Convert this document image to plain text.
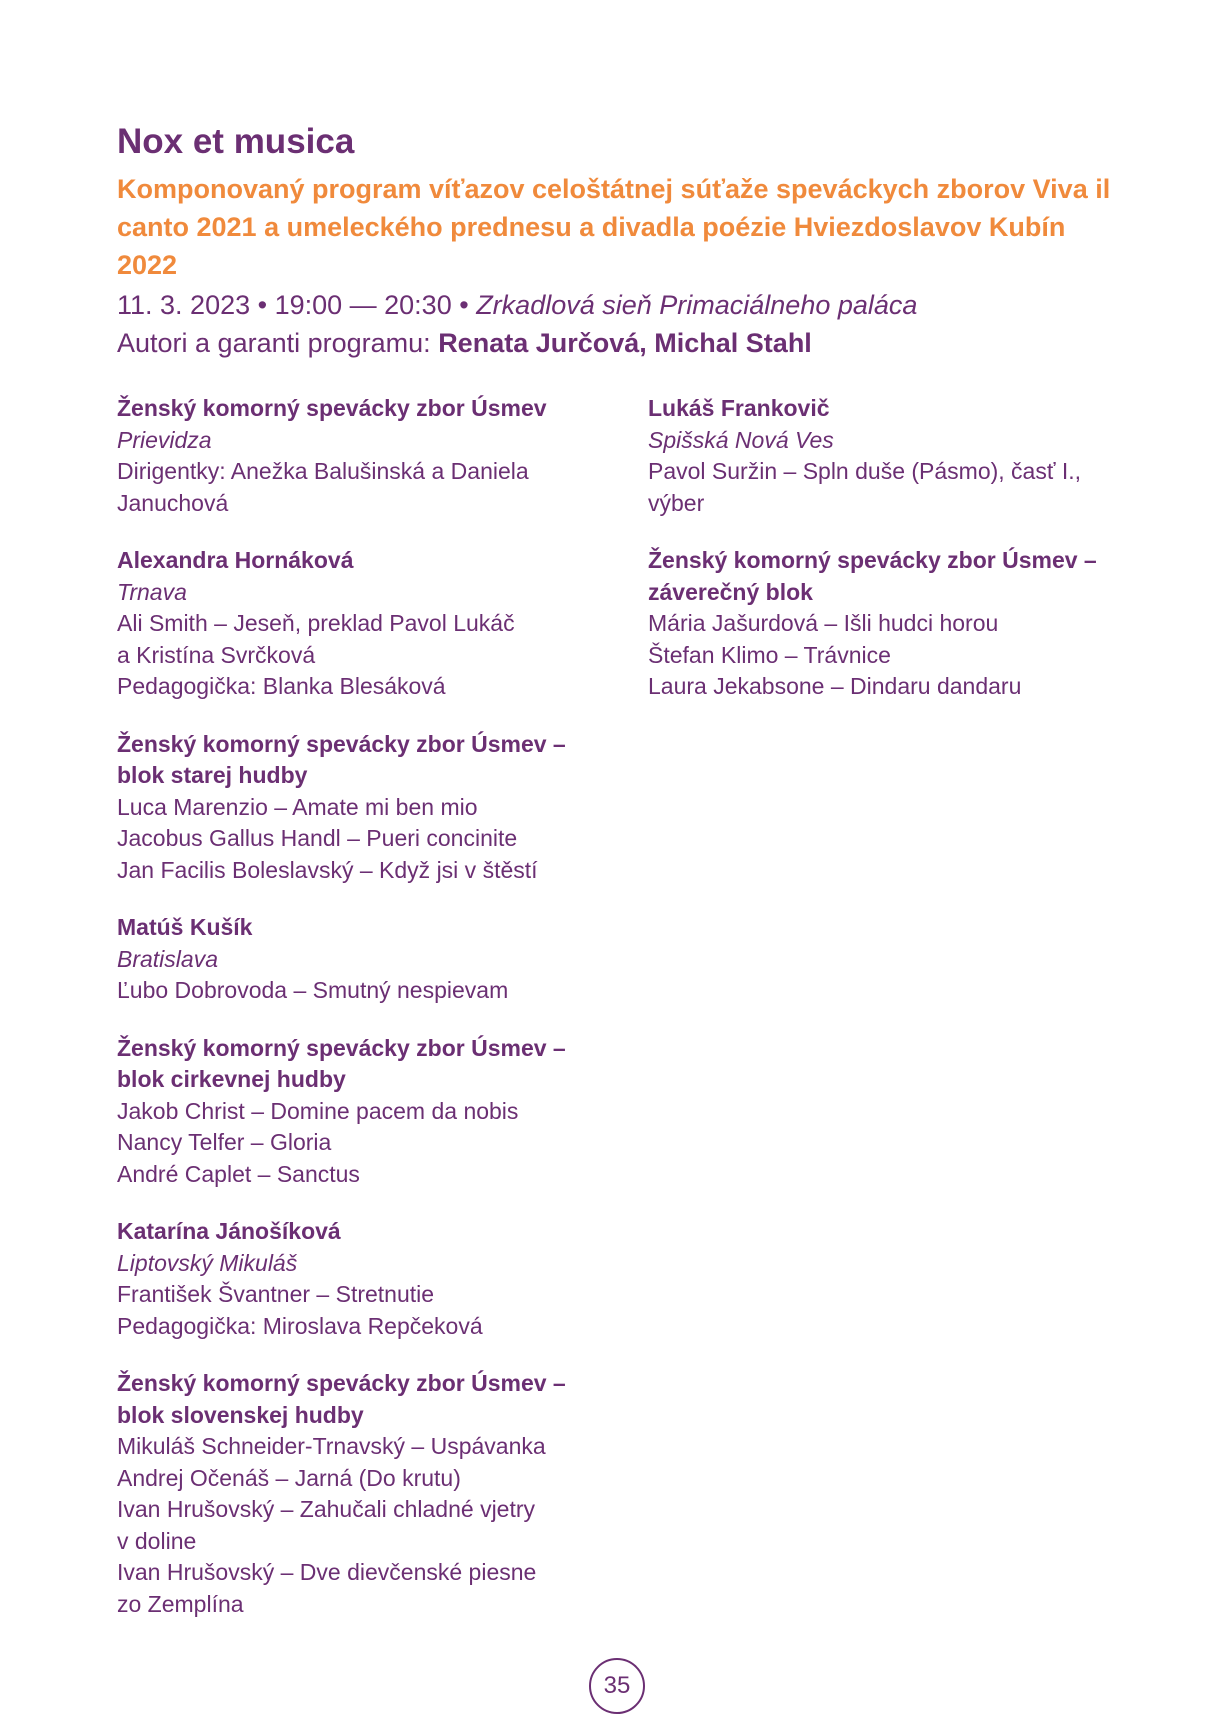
Nox et musica

Komponovaný program víťazov celoštátnej súťaže speváckych zborov Viva il canto 2021 a umeleckého prednesu a divadla poézie Hviezdoslavov Kubín 2022

11. 3. 2023 • 19:00 — 20:30 • Zrkadlová sieň Primaciálneho paláca
Autori a garanti programu: Renata Jurčová, Michal Stahl
Ženský komorný spevácky zbor Úsmev
Prievidza
Dirigentky: Anežka Balušinská a Daniela
Januchová
Alexandra Hornáková
Trnava
Ali Smith – Jeseň, preklad Pavol Lukáč
a Kristína Svrčková
Pedagogička: Blanka Blesáková
Ženský komorný spevácky zbor Úsmev –
blok starej hudby
Luca Marenzio – Amate mi ben mio
Jacobus Gallus Handl – Pueri concinite
Jan Facilis Boleslavský – Když jsi v štěstí
Matúš Kušík
Bratislava
Ľubo Dobrovoda – Smutný nespievam
Ženský komorný spevácky zbor Úsmev –
blok cirkevnej hudby
Jakob Christ – Domine pacem da nobis
Nancy Telfer – Gloria
André Caplet – Sanctus
Katarína Jánošíková
Liptovský Mikuláš
František Švantner – Stretnutie
Pedagogička: Miroslava Repčeková
Ženský komorný spevácky zbor Úsmev –
blok slovenskej hudby
Mikuláš Schneider-Trnavský – Uspávanka
Andrej Očenáš – Jarná (Do krutu)
Ivan Hrušovský – Zahučali chladné vjetry
v doline
Ivan Hrušovský – Dve dievčenské piesne
zo Zemplína
Lukáš Frankovič
Spišská Nová Ves
Pavol Suržin – Spln duše (Pásmo), časť I.,
výber
Ženský komorný spevácky zbor Úsmev –
záverečný blok
Mária Jašurdová – Išli hudci horou
Štefan Klimo – Trávnice
Laura Jekabsone – Dindaru dandaru
35
